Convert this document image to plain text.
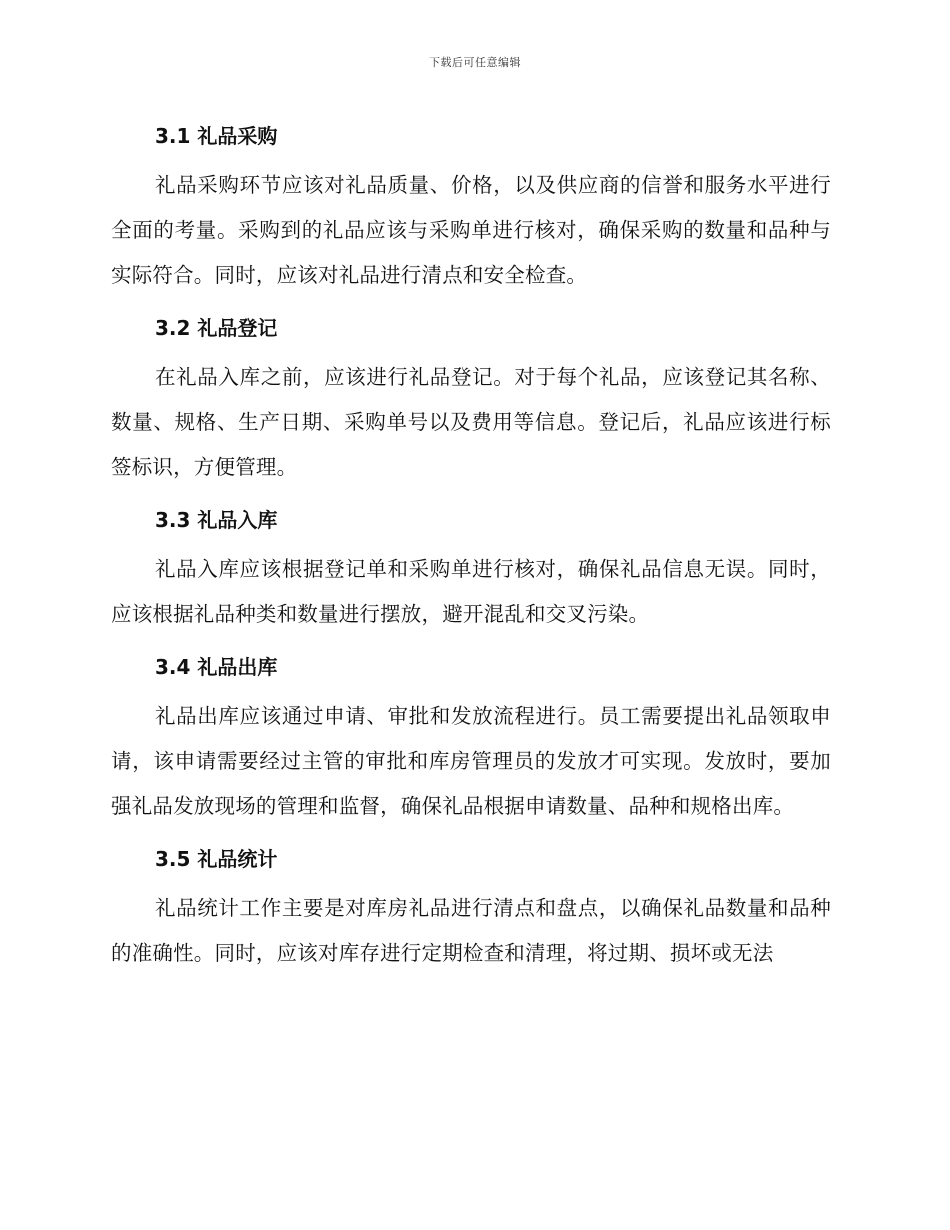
下载后可任意编辑
3.1 礼品采购

礼品采购环节应该对礼品质量、价格，以及供应商的信誉和服务水平进行全面的考量。采购到的礼品应该与采购单进行核对，确保采购的数量和品种与实际符合。同时，应该对礼品进行清点和安全检查。

3.2 礼品登记

在礼品入库之前，应该进行礼品登记。对于每个礼品，应该登记其名称、数量、规格、生产日期、采购单号以及费用等信息。登记后，礼品应该进行标签标识，方便管理。

3.3 礼品入库

礼品入库应该根据登记单和采购单进行核对，确保礼品信息无误。同时，应该根据礼品种类和数量进行摆放，避开混乱和交叉污染。

3.4 礼品出库

礼品出库应该通过申请、审批和发放流程进行。员工需要提出礼品领取申请，该申请需要经过主管的审批和库房管理员的发放才可实现。发放时，要加强礼品发放现场的管理和监督，确保礼品根据申请数量、品种和规格出库。

3.5 礼品统计

礼品统计工作主要是对库房礼品进行清点和盘点，以确保礼品数量和品种的准确性。同时，应该对库存进行定期检查和清理，将过期、损坏或无法
